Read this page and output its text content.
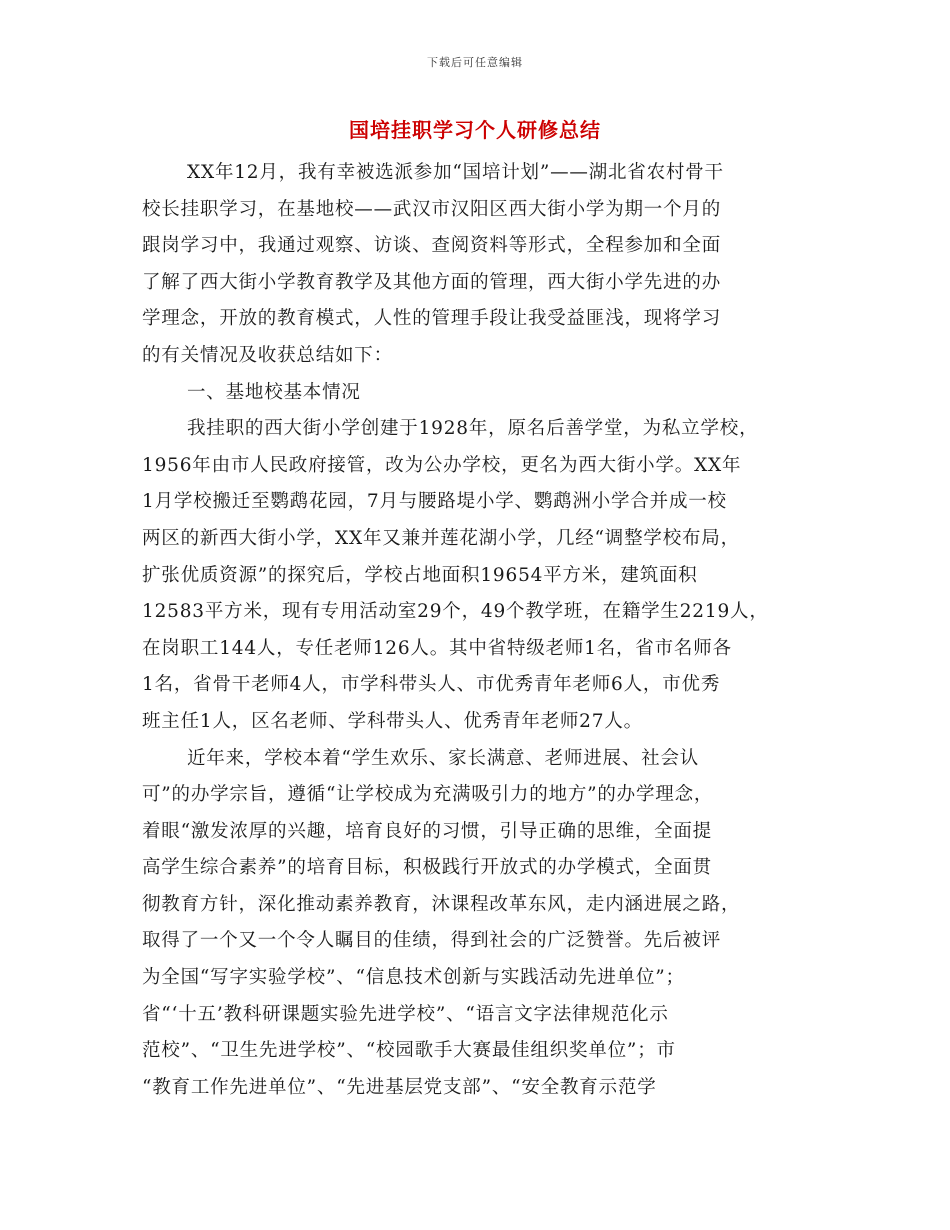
下载后可任意编辑
国培挂职学习个人研修总结
XX年12月，我有幸被选派参加“国培计划”——湖北省农村骨干
校长挂职学习，在基地校——武汉市汉阳区西大街小学为期一个月的
跟岗学习中，我通过观察、访谈、查阅资料等形式，全程参加和全面
了解了西大街小学教育教学及其他方面的管理，西大街小学先进的办
学理念，开放的教育模式，人性的管理手段让我受益匪浅，现将学习
的有关情况及收获总结如下：
一、基地校基本情况
我挂职的西大街小学创建于1928年，原名后善学堂，为私立学校，
1956年由市人民政府接管，改为公办学校，更名为西大街小学。XX年
1月学校搬迁至鹦鹉花园，7月与腰路堤小学、鹦鹉洲小学合并成一校
两区的新西大街小学，XX年又兼并莲花湖小学，几经“调整学校布局，
扩张优质资源”的探究后，学校占地面积19654平方米，建筑面积
12583平方米，现有专用活动室29个，49个教学班，在籍学生2219人，
在岗职工144人，专任老师126人。其中省特级老师1名，省市名师各
1名，省骨干老师4人，市学科带头人、市优秀青年老师6人，市优秀
班主任1人，区名老师、学科带头人、优秀青年老师27人。
近年来，学校本着“学生欢乐、家长满意、老师进展、社会认
可”的办学宗旨，遵循“让学校成为充满吸引力的地方”的办学理念，
着眼“激发浓厚的兴趣，培育良好的习惯，引导正确的思维，全面提
高学生综合素养”的培育目标，积极践行开放式的办学模式，全面贯
彻教育方针，深化推动素养教育，沐课程改革东风，走内涵进展之路，
取得了一个又一个令人瞩目的佳绩，得到社会的广泛赞誉。先后被评
为全国“写字实验学校”、“信息技术创新与实践活动先进单位”；
省“‘十五’教科研课题实验先进学校”、“语言文字法律规范化示
范校”、“卫生先进学校”、“校园歌手大赛最佳组织奖单位”；市
“教育工作先进单位”、“先进基层党支部”、“安全教育示范学
